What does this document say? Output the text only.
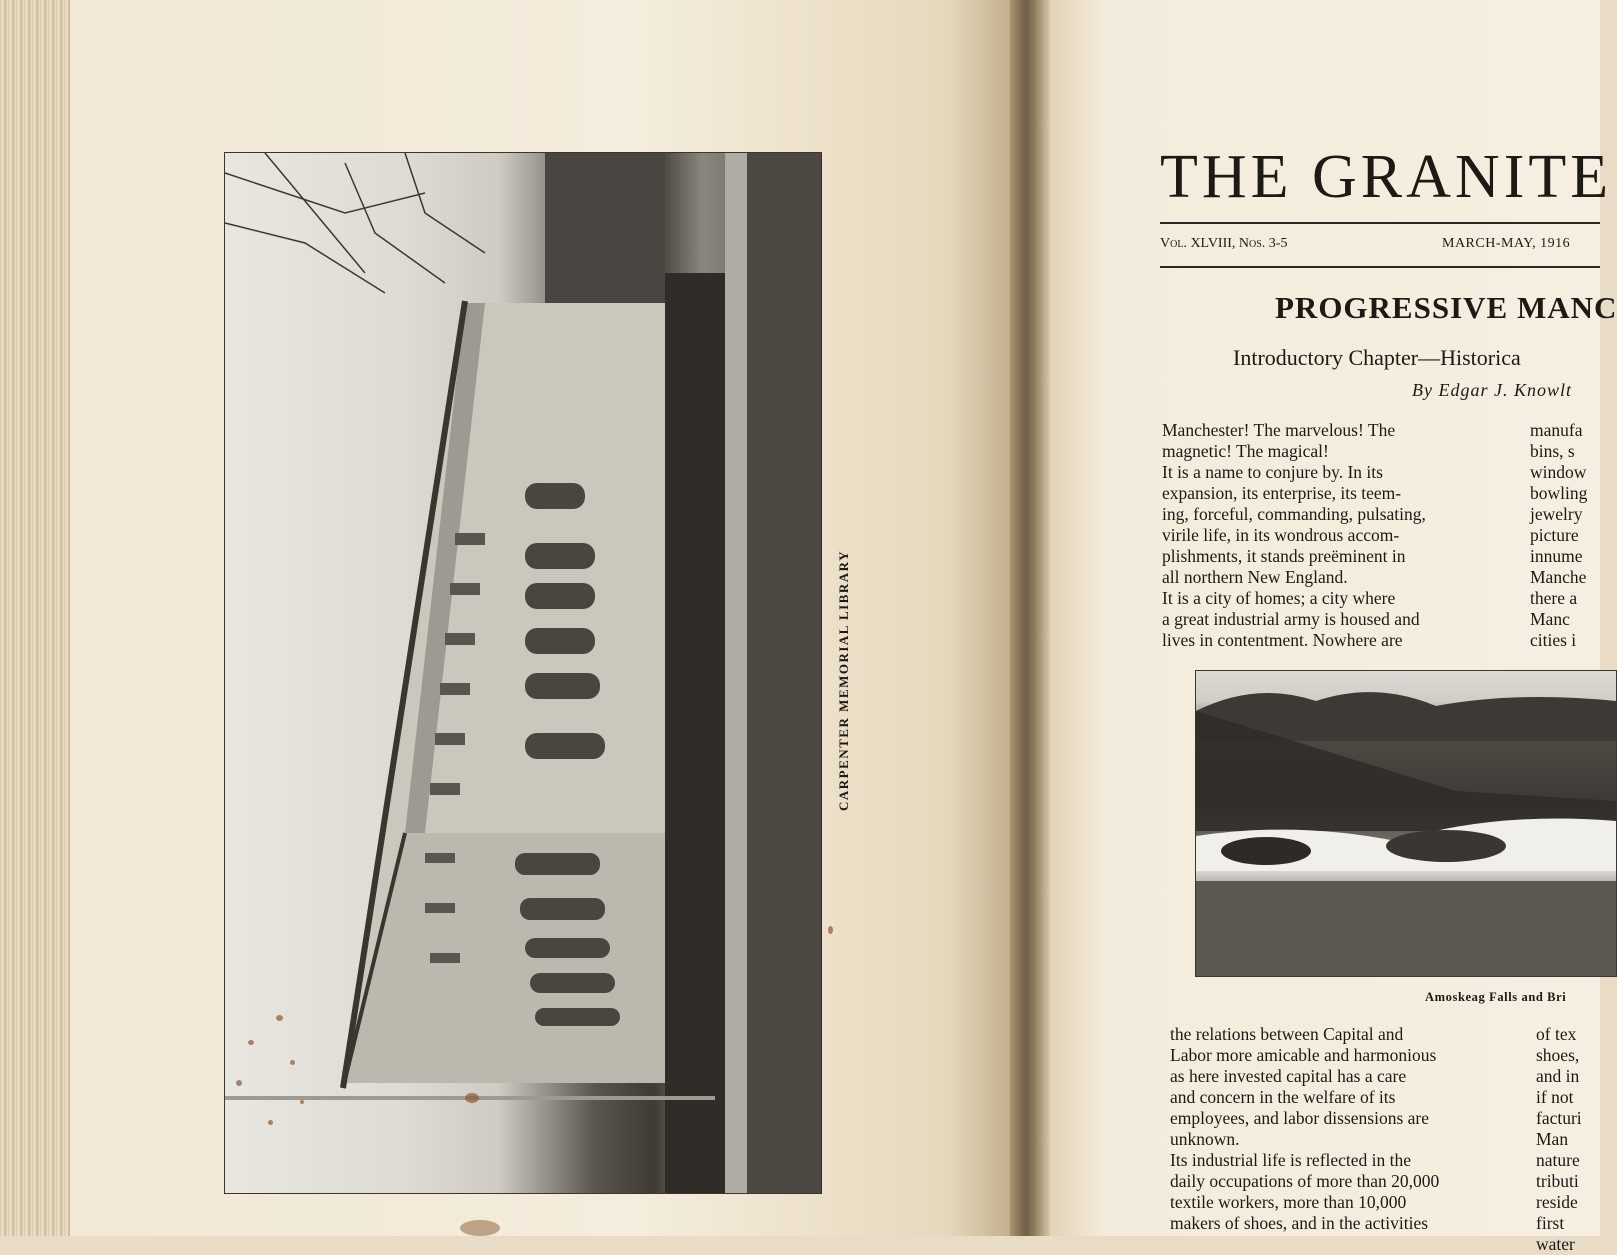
CARPENTER MEMORIAL LIBRARY
THE GRANITE
Vol. XLVIII, Nos. 3-5	MARCH-MAY, 1916
PROGRESSIVE MANC
Introductory Chapter—Historica
By Edgar J. Knowlt
Manchester! The marvelous! The
magnetic! The magical!
It is a name to conjure by. In its
expansion, its enterprise, its teem-
ing, forceful, commanding, pulsating,
virile life, in its wondrous accom-
plishments, it stands preëminent in
all northern New England.
It is a city of homes; a city where
a great industrial army is housed and
lives in contentment. Nowhere are
manufa
bins, s
window
bowling
jewelry
picture
innume
Manche
there a
Manc
cities i
Amoskeag Falls and Bri
the relations between Capital and
Labor more amicable and harmonious
as here invested capital has a care
and concern in the welfare of its
employees, and labor dissensions are
unknown.
Its industrial life is reflected in the
daily occupations of more than 20,000
textile workers, more than 10,000
makers of shoes, and in the activities
of tex
shoes,
and in
if not
facturi
Man
nature
tributi
reside
first
water
